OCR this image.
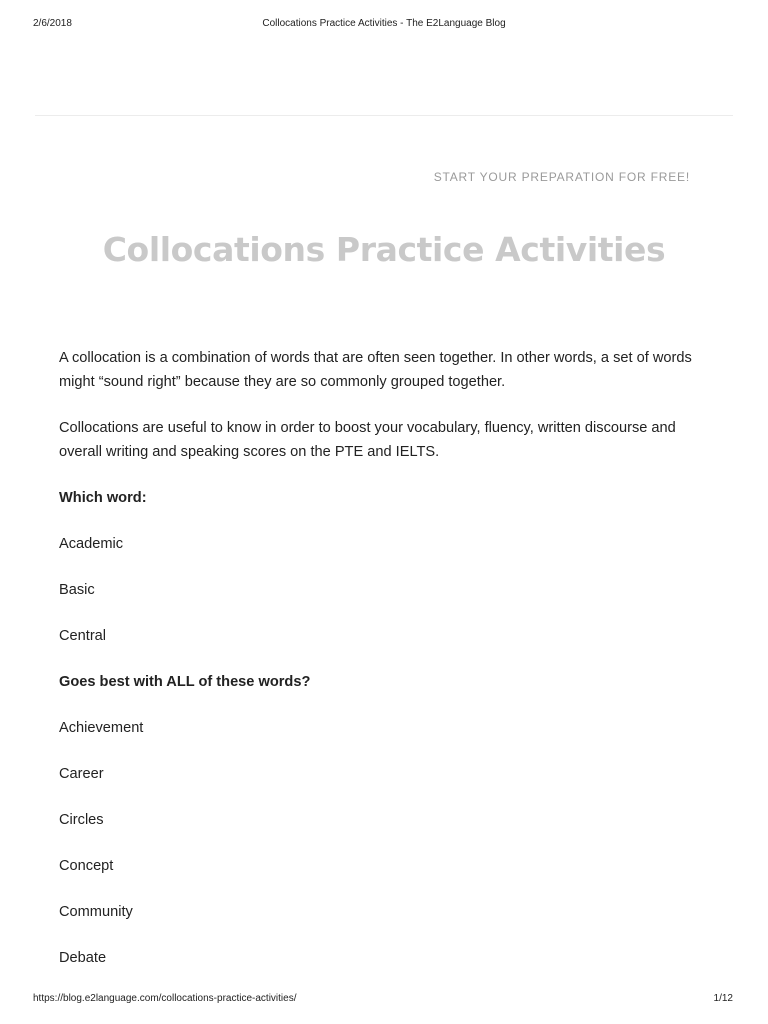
2/6/2018	Collocations Practice Activities - The E2Language Blog
START YOUR PREPARATION FOR FREE!
Collocations Practice Activities

A collocation is a combination of words that are often seen together. In other words, a set of words might “sound right” because they are so commonly grouped together.

Collocations are useful to know in order to boost your vocabulary, fluency, written discourse and overall writing and speaking scores on the PTE and IELTS.

Which word:

Academic

Basic

Central

Goes best with ALL of these words?

Achievement

Career

Circles

Concept

Community

Debate

https://blog.e2language.com/collocations-practice-activities/	1/12
